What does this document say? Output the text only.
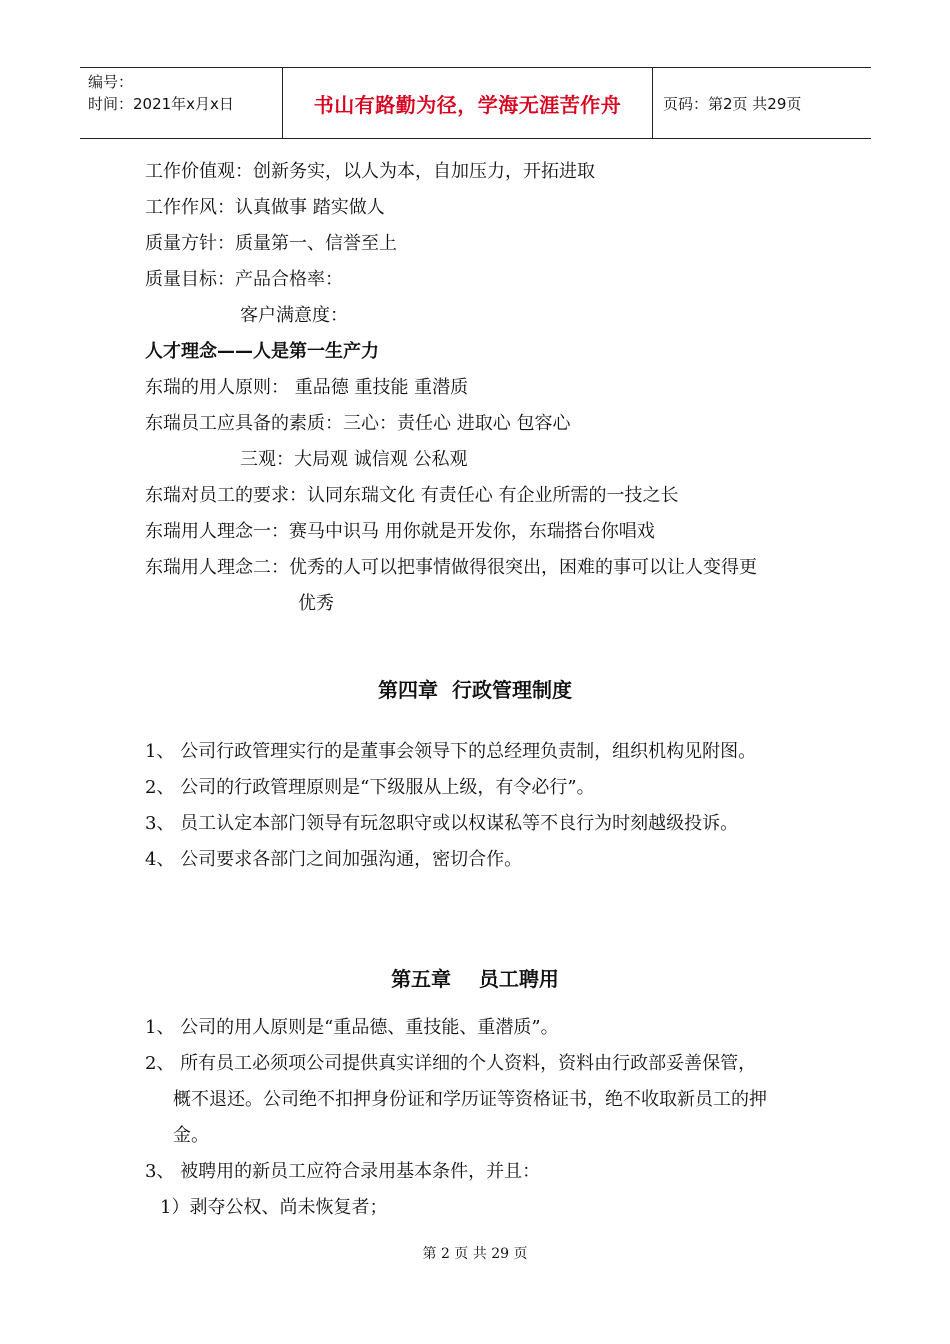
编号：
时间：2021年x月x日	书山有路勤为径，学海无涯苦作舟	页码：第2页 共29页
工作价值观：创新务实，以人为本，自加压力，开拓进取
工作作风：认真做事 踏实做人
质量方针：质量第一、信誉至上
质量目标：产品合格率：
客户满意度：
人才理念——人是第一生产力
东瑞的用人原则： 重品德 重技能 重潜质
东瑞员工应具备的素质：三心：责任心 进取心 包容心
三观：大局观 诚信观 公私观
东瑞对员工的要求：认同东瑞文化 有责任心 有企业所需的一技之长
东瑞用人理念一：赛马中识马 用你就是开发你，东瑞搭台你唱戏
东瑞用人理念二：优秀的人可以把事情做得很突出，困难的事可以让人变得更
优秀
第四章  行政管理制度
1、 公司行政管理实行的是董事会领导下的总经理负责制，组织机构见附图。
2、 公司的行政管理原则是“下级服从上级，有令必行”。
3、 员工认定本部门领导有玩忽职守或以权谋私等不良行为时刻越级投诉。
4、 公司要求各部门之间加强沟通，密切合作。
第五章    员工聘用
1、 公司的用人原则是“重品德、重技能、重潜质”。
2、 所有员工必须项公司提供真实详细的个人资料，资料由行政部妥善保管，
概不退还。公司绝不扣押身份证和学历证等资格证书，绝不收取新员工的押
金。
3、 被聘用的新员工应符合录用基本条件，并且：
1）剥夺公权、尚未恢复者；
第 2 页 共 29 页
